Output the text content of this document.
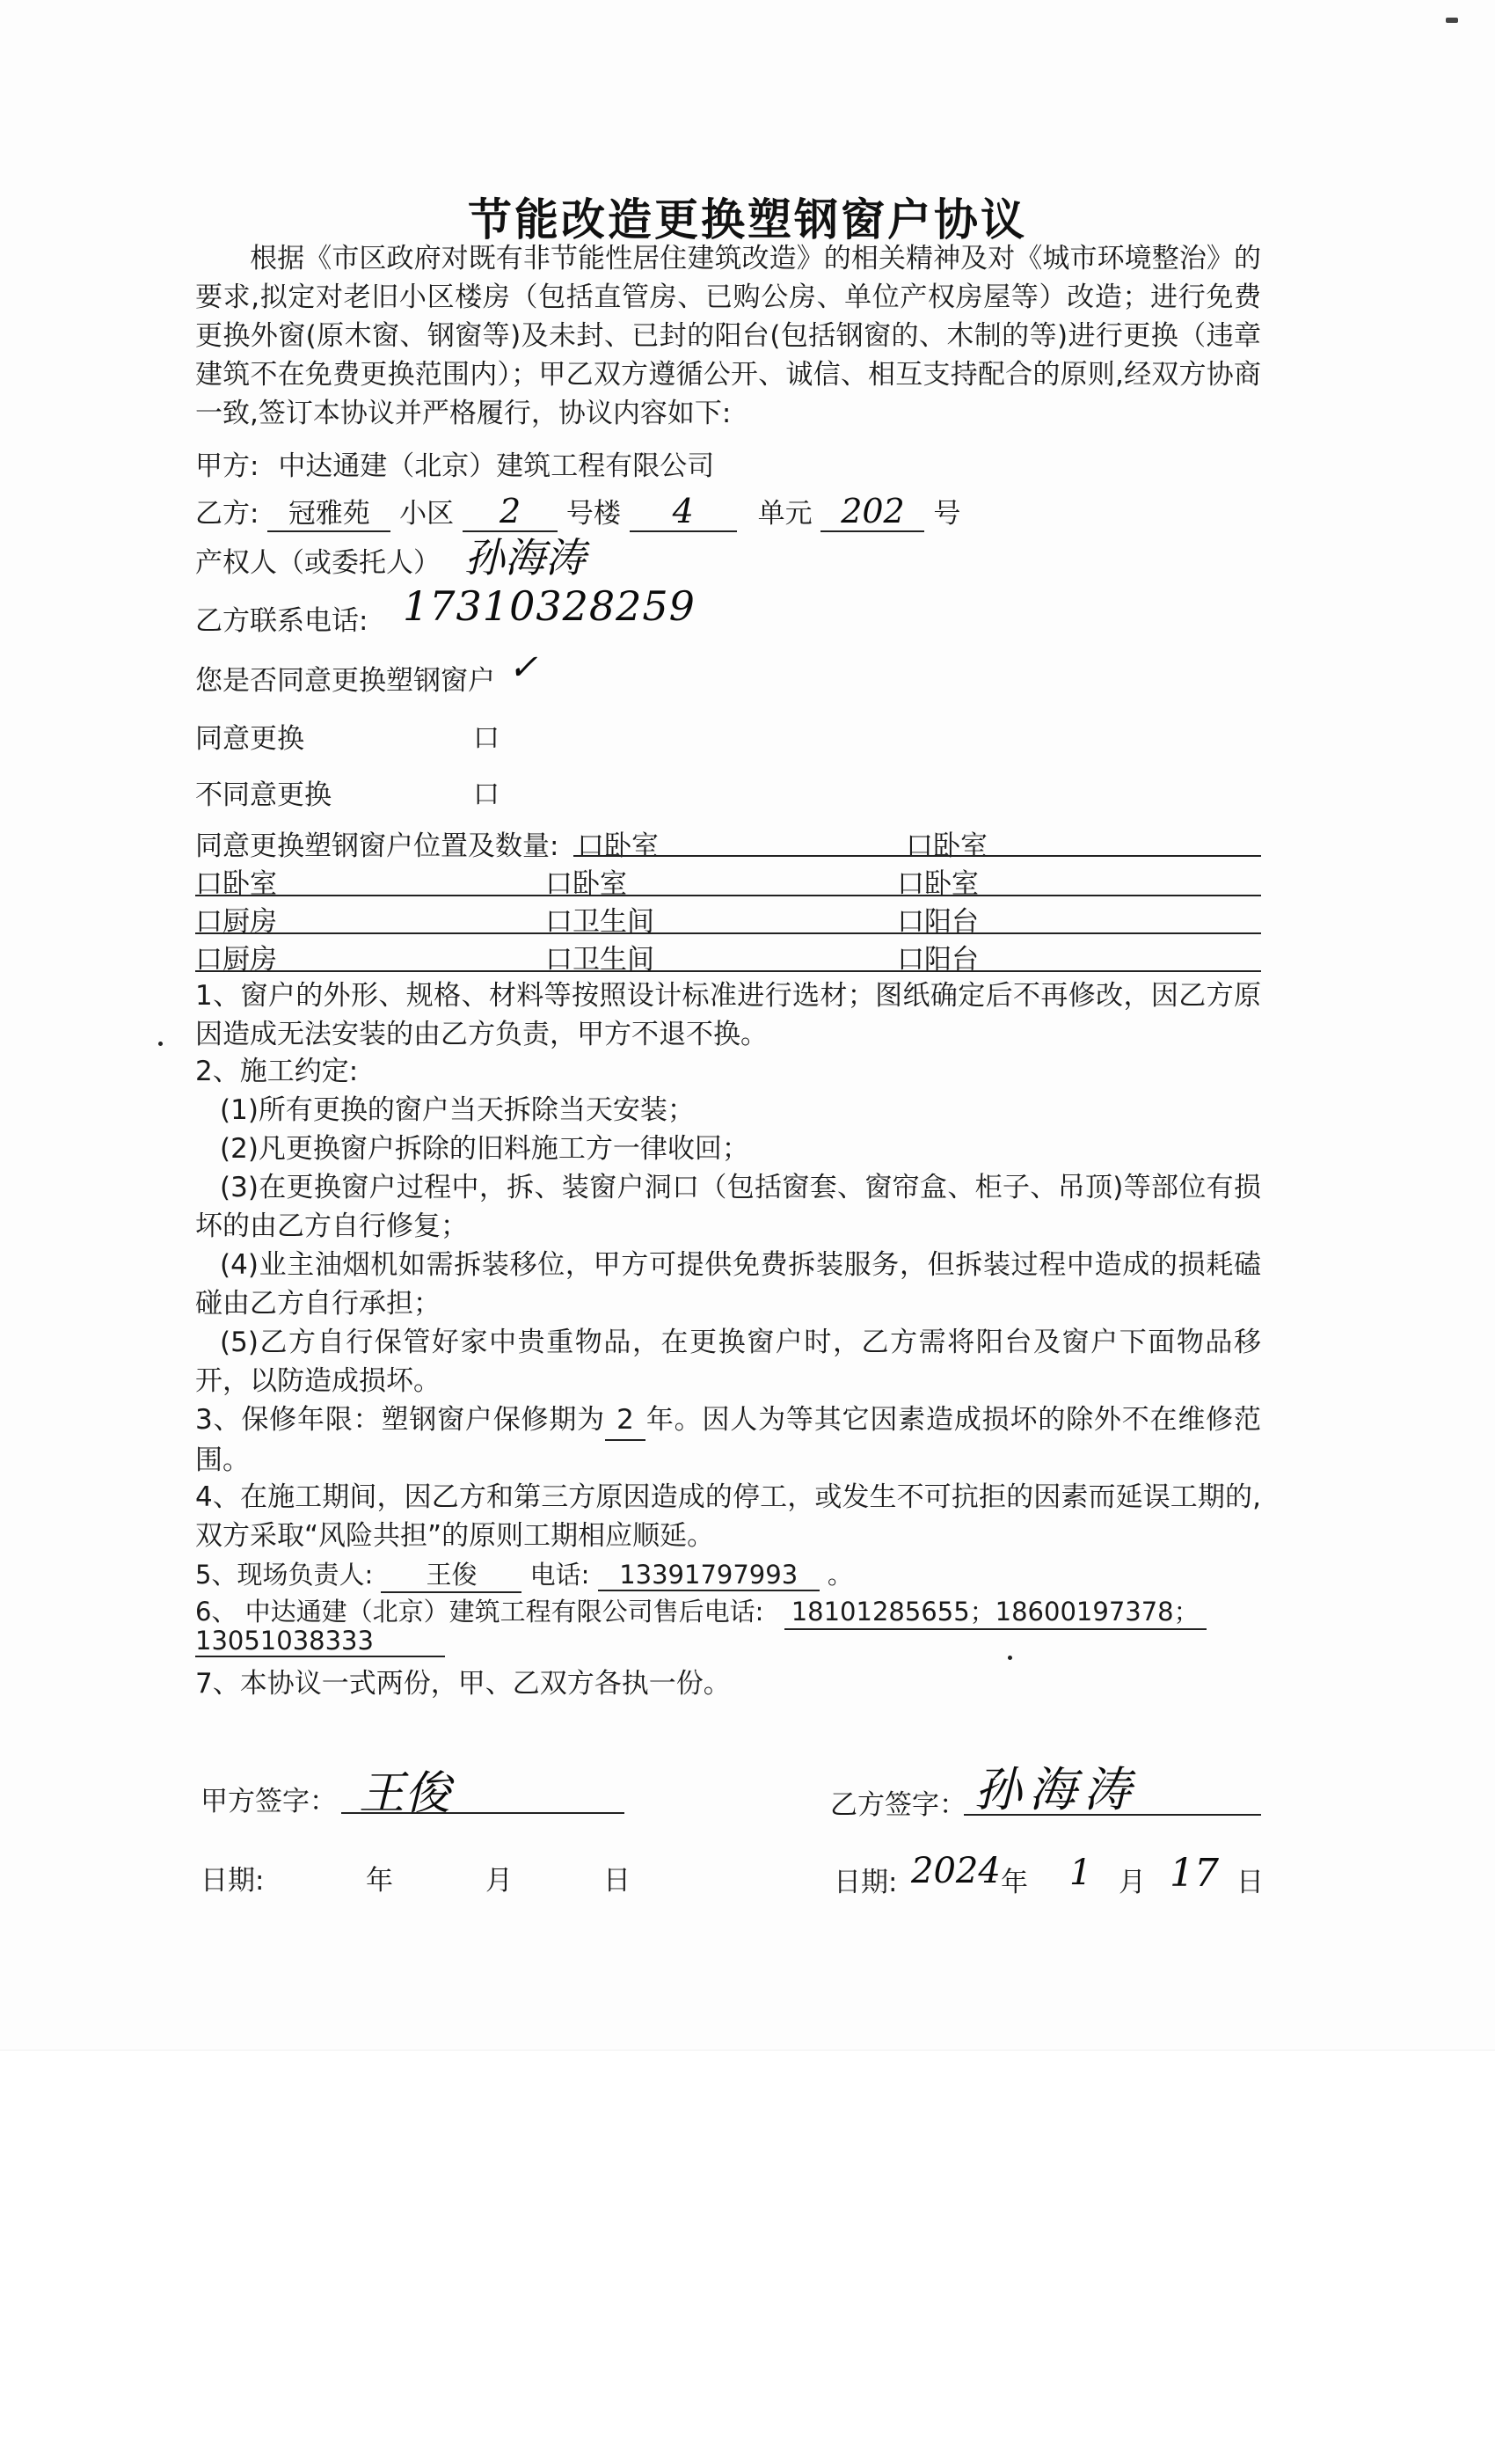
节能改造更换塑钢窗户协议
根据《市区政府对既有非节能性居住建筑改造》的相关精神及对《城市环境整治》的要求,拟定对老旧小区楼房（包括直管房、已购公房、单位产权房屋等）改造；进行免费更换外窗(原木窗、钢窗等)及未封、已封的阳台(包括钢窗的、木制的等)进行更换（违章建筑不在免费更换范围内）；甲乙双方遵循公开、诚信、相互支持配合的原则,经双方协商一致,签订本协议并严格履行，协议内容如下:
甲方: 中达通建（北京）建筑工程有限公司
乙方: 冠雅苑 小区 2 号楼 4 单元 202 号
产权人（或委托人） 孙海涛
乙方联系电话: 17310328259
您是否同意更换塑钢窗户 ✓
同意更换	口
不同意更换	口
同意更换塑钢窗户位置及数量: 口卧室	口卧室
口卧室	口卧室	口卧室
口厨房	口卫生间	口阳台
口厨房	口卫生间	口阳台
1、窗户的外形、规格、材料等按照设计标准进行选材；图纸确定后不再修改，因乙方原因造成无法安装的由乙方负责，甲方不退不换。
2、施工约定:
(1)所有更换的窗户当天拆除当天安装；
(2)凡更换窗户拆除的旧料施工方一律收回；
(3)在更换窗户过程中，拆、装窗户洞口（包括窗套、窗帘盒、柜子、吊顶)等部位有损坏的由乙方自行修复；
(4)业主油烟机如需拆装移位，甲方可提供免费拆装服务，但拆装过程中造成的损耗磕碰由乙方自行承担；
(5)乙方自行保管好家中贵重物品，在更换窗户时，乙方需将阳台及窗户下面物品移开，以防造成损坏。
3、保修年限：塑钢窗户保修期为 2 年。因人为等其它因素造成损坏的除外不在维修范围。
4、在施工期间，因乙方和第三方原因造成的停工，或发生不可抗拒的因素而延误工期的,双方采取“风险共担”的原则工期相应顺延。
5、现场负责人: 王俊 电话: 13391797993 。
6、 中达通建（北京）建筑工程有限公司售后电话: 18101285655；18600197378；
13051038333
7、本协议一式两份，甲、乙双方各执一份。
甲方签字： 王俊	乙方签字： 孙海涛
日期:	年	月	日	日期: 2024 年 1 月 17 日
